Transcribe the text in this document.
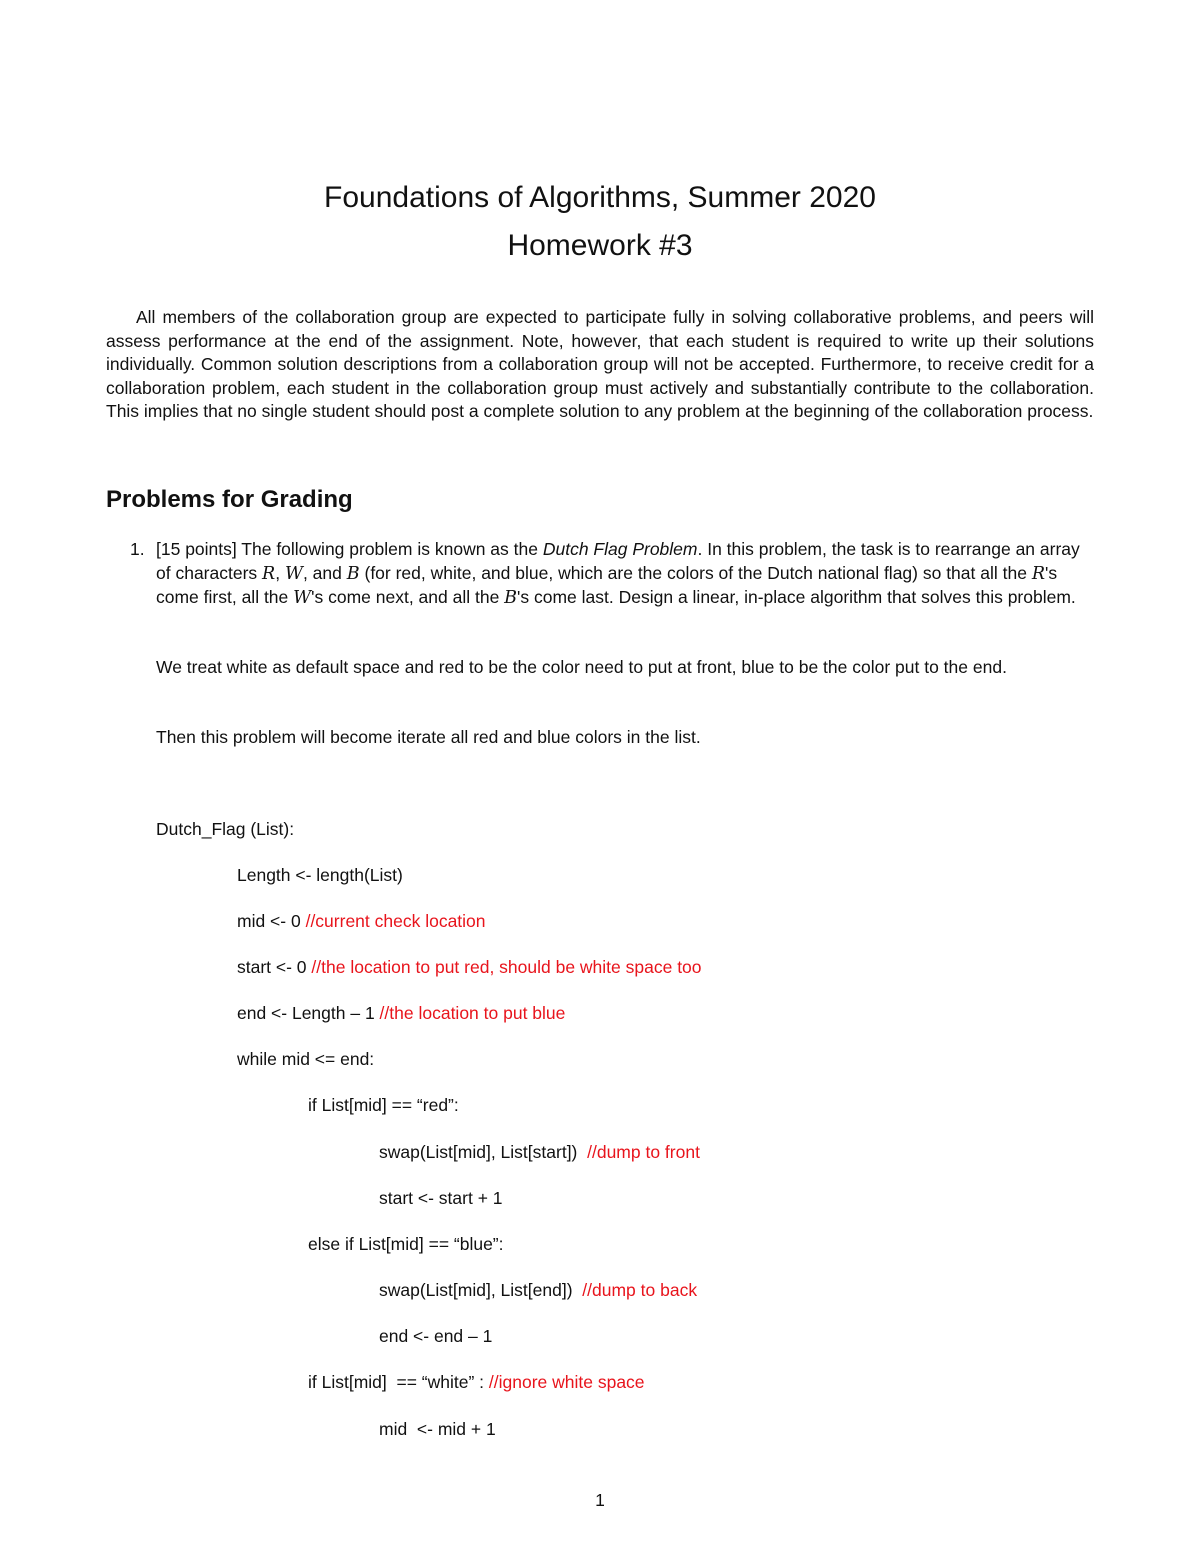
Foundations of Algorithms, Summer 2020

Homework #3

All members of the collaboration group are expected to participate fully in solving collaborative problems, and peers will assess performance at the end of the assignment. Note, however, that each student is required to write up their solutions individually. Common solution descriptions from a collaboration group will not be accepted. Furthermore, to receive credit for a collaboration problem, each student in the collaboration group must actively and substantially contribute to the collaboration. This implies that no single student should post a complete solution to any problem at the beginning of the collaboration process.

Problems for Grading
1. [15 points] The following problem is known as the Dutch Flag Problem. In this problem, the task is to rearrange an array of characters R, W, and B (for red, white, and blue, which are the colors of the Dutch national flag) so that all the R's come first, all the W's come next, and all the B's come last. Design a linear, in-place algorithm that solves this problem.

We treat white as default space and red to be the color need to put at front, blue to be the color put to the end.

Then this problem will become iterate all red and blue colors in the list.

Dutch_Flag (List):

Length <- length(List)

mid <- 0 //current check location

start <- 0 //the location to put red, should be white space too

end <- Length – 1 //the location to put blue

while mid <= end:

if List[mid] == “red”:

swap(List[mid], List[start])  //dump to front

start <- start + 1

else if List[mid] == “blue”:

swap(List[mid], List[end])  //dump to back

end <- end – 1

if List[mid]  == “white” : //ignore white space

mid  <- mid + 1

1
